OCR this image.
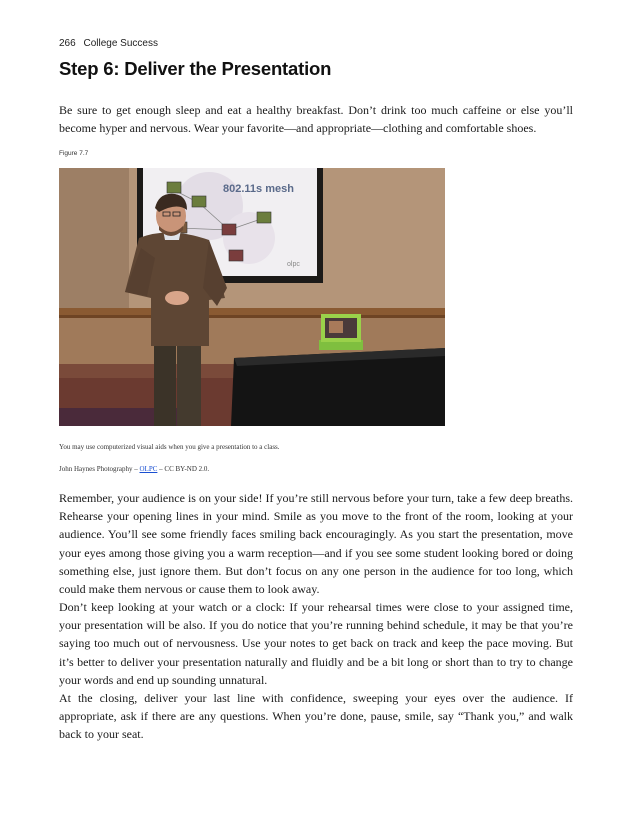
266 College Success
Step 6: Deliver the Presentation

Be sure to get enough sleep and eat a healthy breakfast. Don’t drink too much caffeine or else you’ll become hyper and nervous. Wear your favorite—and appropriate—clothing and comfortable shoes.

Figure 7.7
802.11s mesh
olpc
You may use computerized visual aids when you give a presentation to a class.
John Haynes Photography – OLPC – CC BY-ND 2.0.

Remember, your audience is on your side! If you’re still nervous before your turn, take a few deep breaths. Rehearse your opening lines in your mind. Smile as you move to the front of the room, looking at your audience. You’ll see some friendly faces smiling back encouragingly. As you start the presentation, move your eyes among those giving you a warm reception—and if you see some student looking bored or doing something else, just ignore them. But don’t focus on any one person in the audience for too long, which could make them nervous or cause them to look away.

Don’t keep looking at your watch or a clock: If your rehearsal times were close to your assigned time, your presentation will be also. If you do notice that you’re running behind schedule, it may be that you’re saying too much out of nervousness. Use your notes to get back on track and keep the pace moving. But it’s better to deliver your presentation naturally and fluidly and be a bit long or short than to try to change your words and end up sounding unnatural.

At the closing, deliver your last line with confidence, sweeping your eyes over the audience. If appropriate, ask if there are any questions. When you’re done, pause, smile, say “Thank you,” and walk back to your seat.
